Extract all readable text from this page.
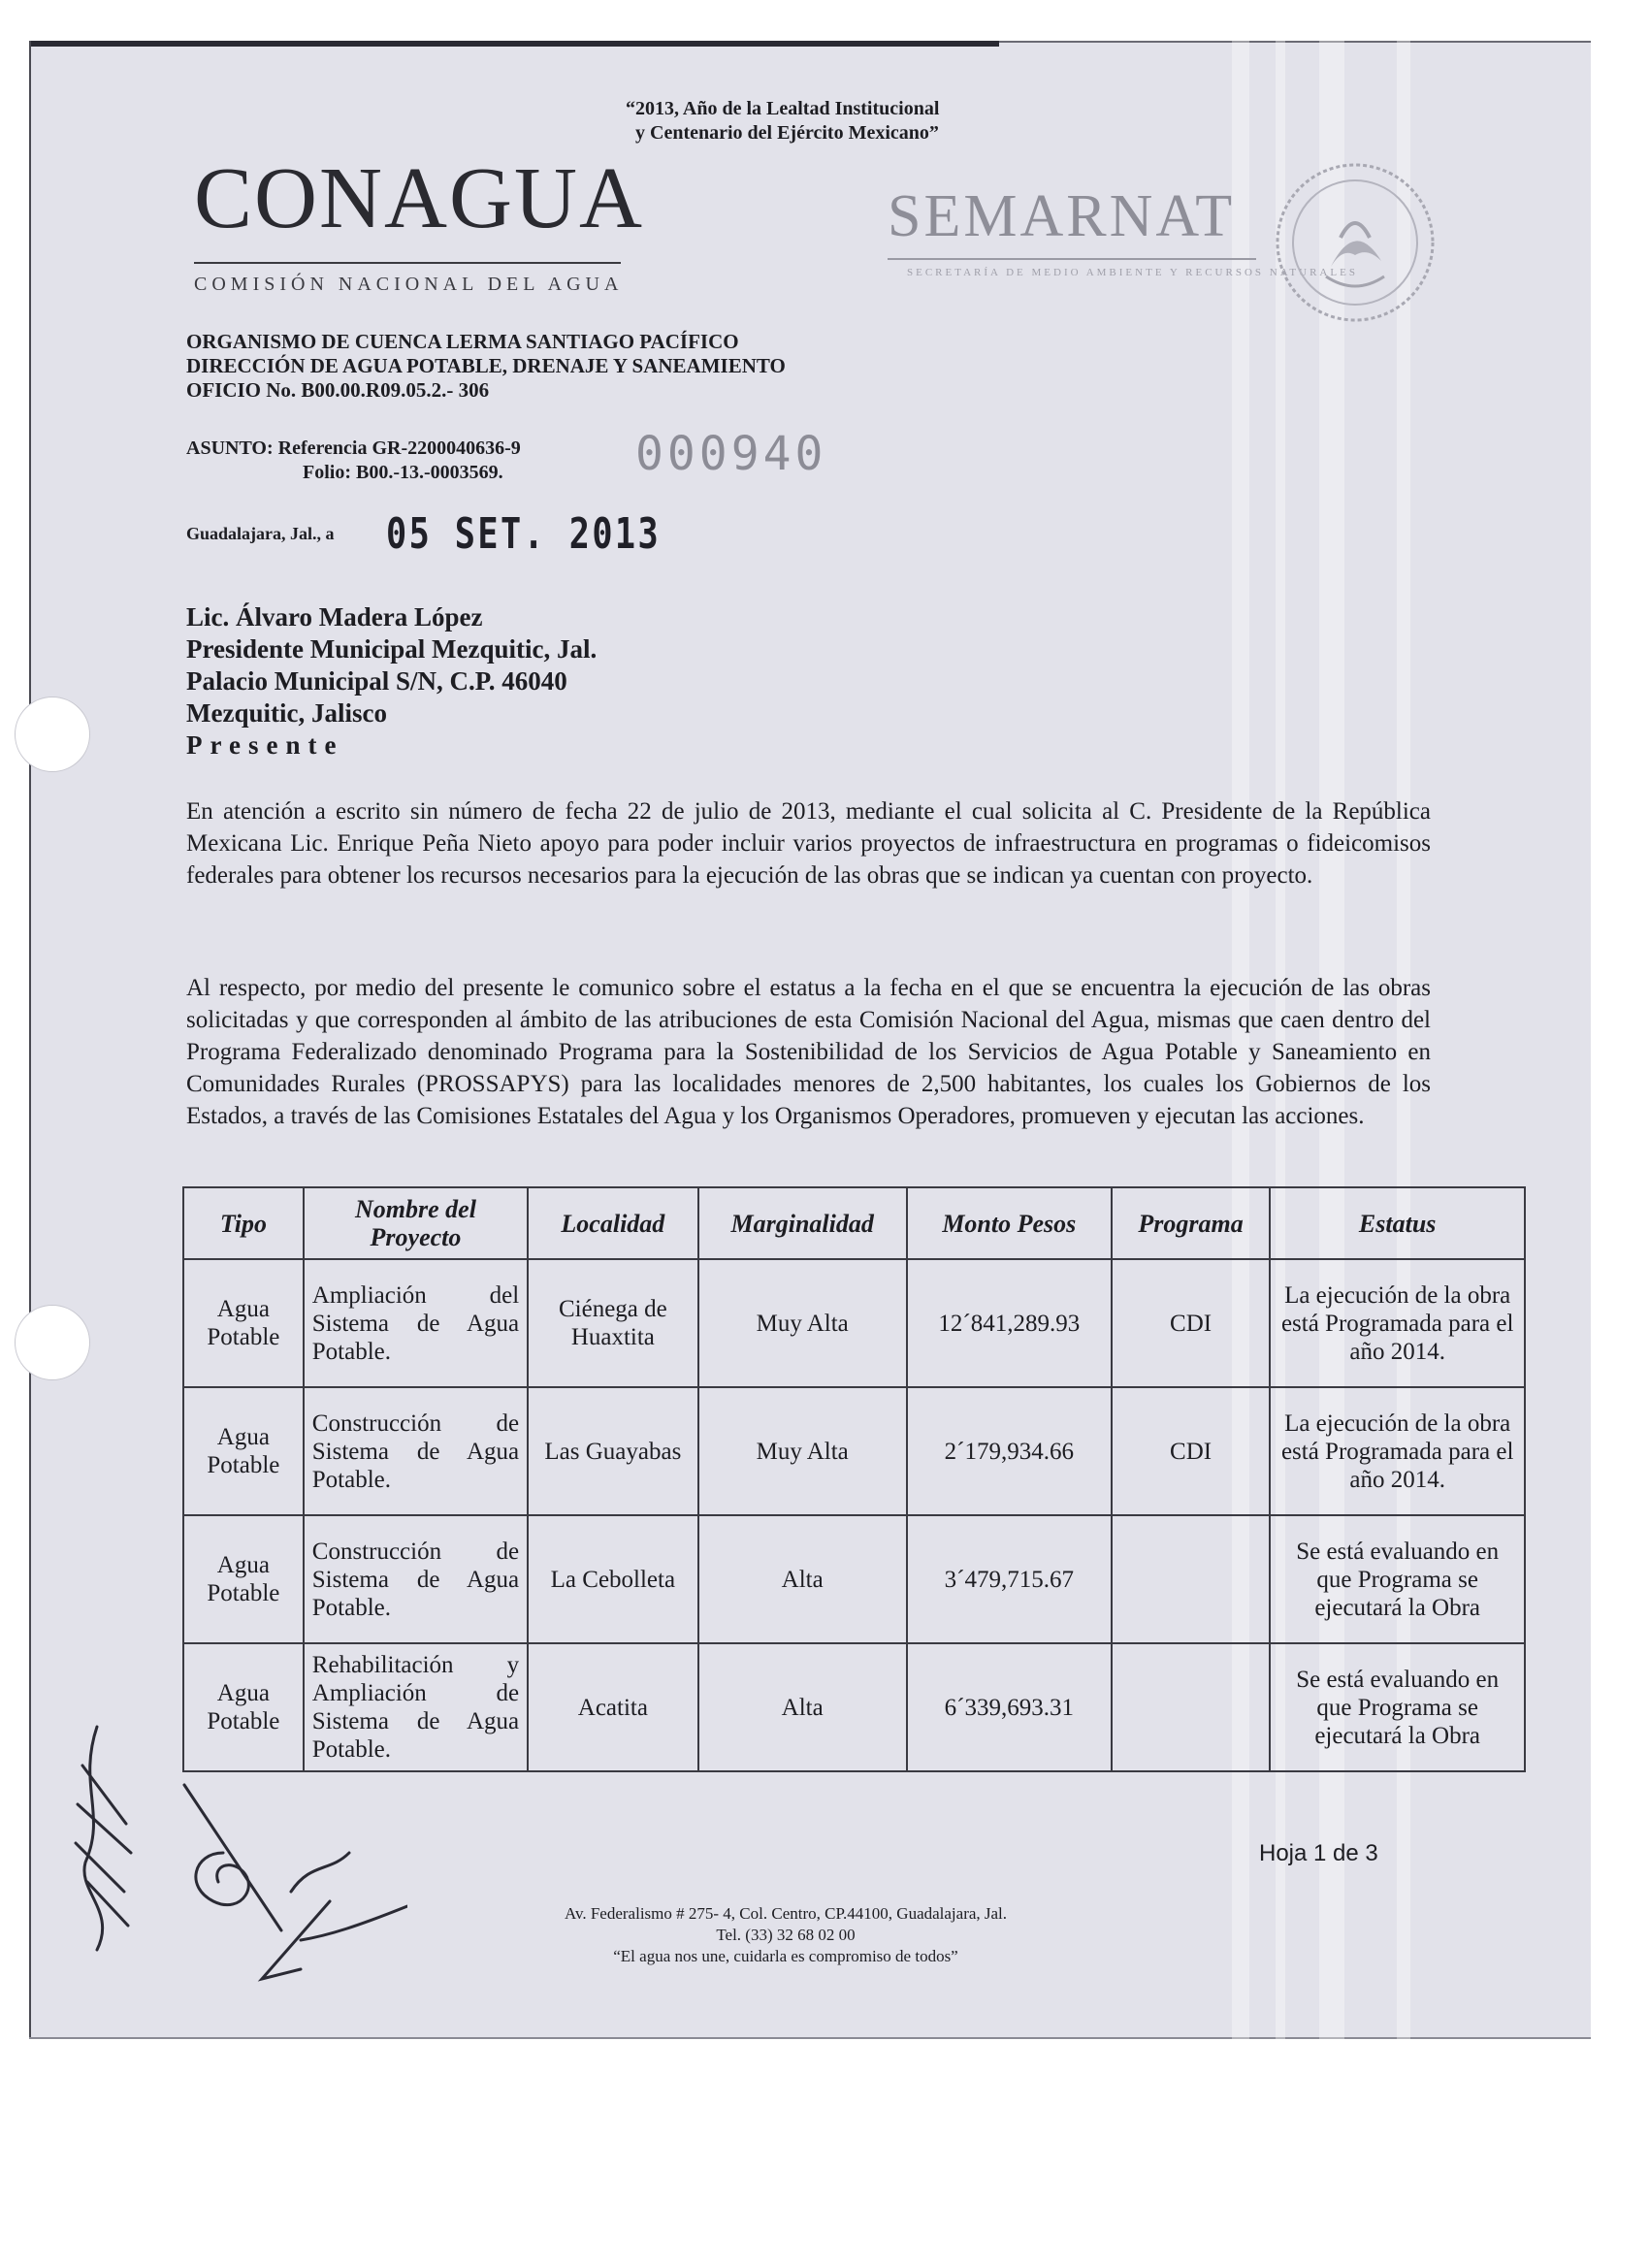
“2013, Año de la Lealtad Institucional
y Centenario del Ejército Mexicano”
CONAGUA
COMISIÓN NACIONAL DEL AGUA
SEMARNAT
SECRETARÍA DE MEDIO AMBIENTE Y RECURSOS NATURALES
ORGANISMO DE CUENCA LERMA SANTIAGO PACÍFICO
DIRECCIÓN DE AGUA POTABLE, DRENAJE Y SANEAMIENTO
OFICIO No. B00.00.R09.05.2.- 306
ASUNTO: Referencia GR-2200040636-9
Folio: B00.-13.-0003569.	000940
Guadalajara, Jal., a 05 SET. 2013
Lic. Álvaro Madera López
Presidente Municipal Mezquitic, Jal.
Palacio Municipal S/N, C.P. 46040
Mezquitic, Jalisco
Presente
En atención a escrito sin número de fecha 22 de julio de 2013, mediante el cual solicita al C. Presidente de la República Mexicana Lic. Enrique Peña Nieto apoyo para poder incluir varios proyectos de infraestructura en programas o fideicomisos federales para obtener los recursos necesarios para la ejecución de las obras que se indican ya cuentan con proyecto.
Al respecto, por medio del presente le comunico sobre el estatus a la fecha en el que se encuentra la ejecución de las obras solicitadas y que corresponden al ámbito de las atribuciones de esta Comisión Nacional del Agua, mismas que caen dentro del Programa Federalizado denominado Programa para la Sostenibilidad de los Servicios de Agua Potable y Saneamiento en Comunidades Rurales (PROSSAPYS) para las localidades menores de 2,500 habitantes, los cuales los Gobiernos de los Estados, a través de las Comisiones Estatales del Agua y los Organismos Operadores, promueven y ejecutan las acciones.
Tipo	Nombre del Proyecto	Localidad	Marginalidad	Monto Pesos	Programa	Estatus
Agua Potable	Ampliación del Sistema de Agua Potable.	Ciénega de Huaxtita	Muy Alta	12´841,289.93	CDI	La ejecución de la obra está Programada para el año 2014.
Agua Potable	Construcción de Sistema de Agua Potable.	Las Guayabas	Muy Alta	2´179,934.66	CDI	La ejecución de la obra está Programada para el año 2014.
Agua Potable	Construcción de Sistema de Agua Potable.	La Cebolleta	Alta	3´479,715.67		Se está evaluando en que Programa se ejecutará la Obra
Agua Potable	Rehabilitación y Ampliación de Sistema de Agua Potable.	Acatita	Alta	6´339,693.31		Se está evaluando en que Programa se ejecutará la Obra
Hoja 1 de 3
Av. Federalismo # 275- 4, Col. Centro, CP.44100, Guadalajara, Jal.
Tel. (33) 32 68 02 00
“El agua nos une, cuidarla es compromiso de todos”
